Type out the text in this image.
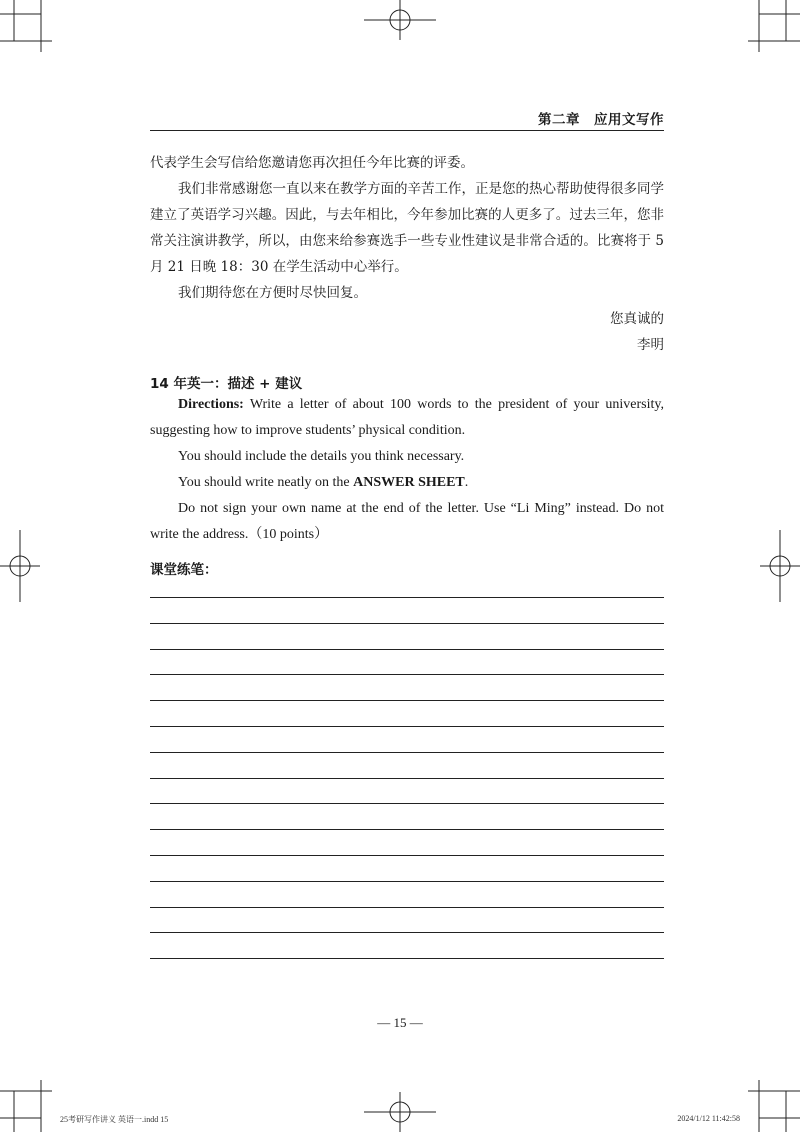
第二章　应用文写作

代表学生会写信给您邀请您再次担任今年比赛的评委。

我们非常感谢您一直以来在教学方面的辛苦工作，正是您的热心帮助使得很多同学建立了英语学习兴趣。因此，与去年相比，今年参加比赛的人更多了。过去三年，您非常关注演讲教学，所以，由您来给参赛选手一些专业性建议是非常合适的。比赛将于 5 月 21 日晚 18：30 在学生活动中心举行。

我们期待您在方便时尽快回复。

您真诚的
李明
14 年英一：描述 + 建议

Directions: Write a letter of about 100 words to the president of your university, suggesting how to improve students’ physical condition.

You should include the details you think necessary.

You should write neatly on the ANSWER SHEET.

Do not sign your own name at the end of the letter. Use “Li Ming” instead. Do not write the address.（10 points）

课堂练笔：
— 15 —
25考研写作讲义 英语一.indd 15	2024/1/12 11:42:58
